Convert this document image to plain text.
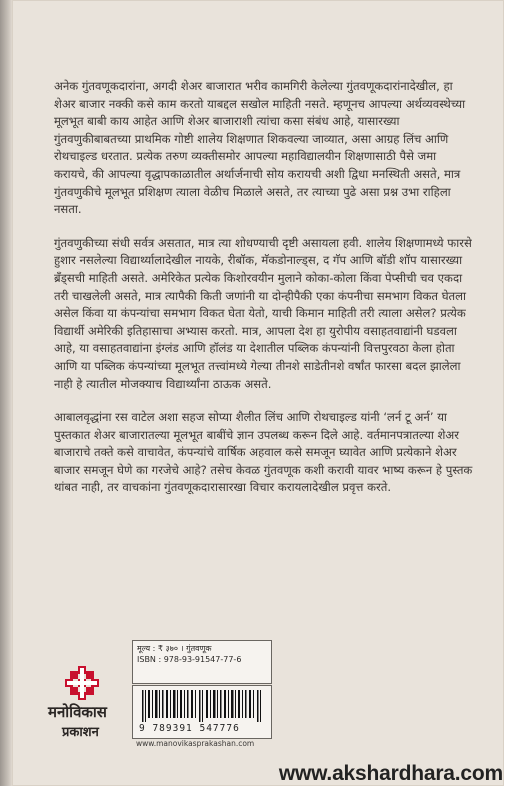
अनेक गुंतवणूकदारांना, अगदी शेअर बाजारात भरीव कामगिरी केलेल्या गुंतवणूकदारांनादेखील, हा शेअर बाजार नक्की कसे काम करतो याबद्दल सखोल माहिती नसते. म्हणूनच आपल्या अर्थव्यवस्थेच्या मूलभूत बाबी काय आहेत आणि शेअर बाजाराशी त्यांचा कसा संबंध आहे, यासारख्या गुंतवणुकीबाबतच्या प्राथमिक गोष्टी शालेय शिक्षणात शिकवल्या जाव्यात, असा आग्रह लिंच आणि रोथचाइल्ड धरतात. प्रत्येक तरुण व्यक्तीसमोर आपल्या महाविद्यालयीन शिक्षणासाठी पैसे जमा करायचे, की आपल्या वृद्धापकाळातील अर्थार्जनाची सोय करायची अशी द्विधा मनस्थिती असते, मात्र गुंतवणुकीचे मूलभूत प्रशिक्षण त्याला वेळीच मिळाले असते, तर त्याच्या पुढे असा प्रश्न उभा राहिला नसता.

गुंतवणुकीच्या संधी सर्वत्र असतात, मात्र त्या शोधण्याची दृष्टी असायला हवी. शालेय शिक्षणामध्ये फारसे हुशार नसलेल्या विद्यार्थ्यालादेखील नायके, रीबॉक, मॅकडोनाल्ड्स, द गॅप आणि बॉडी शॉप यासारख्या ब्रँड्सची माहिती असते. अमेरिकेत प्रत्येक किशोरवयीन मुलाने कोका-कोला किंवा पेप्सीची चव एकदा तरी चाखलेली असते, मात्र त्यापैकी किती जणांनी या दोन्हीपैकी एका कंपनीचा समभाग विकत घेतला असेल किंवा या कंपन्यांचा समभाग विकत घेता येतो, याची किमान माहिती तरी त्याला असेल? प्रत्येक विद्यार्थी अमेरिकी इतिहासाचा अभ्यास करतो. मात्र, आपला देश हा युरोपीय वसाहतवाद्यांनी घडवला आहे, या वसाहतवाद्यांना इंग्लंड आणि हॉलंड या देशातील पब्लिक कंपन्यांनी वित्तपुरवठा केला होता आणि या पब्लिक कंपन्यांच्या मूलभूत तत्त्वांमध्ये गेल्या तीनशे साडेतीनशे वर्षांत फारसा बदल झालेला नाही हे त्यातील मोजक्याच विद्यार्थ्यांना ठाऊक असते.

आबालवृद्धांना रस वाटेल अशा सहज सोप्या शैलीत लिंच आणि रोथचाइल्ड यांनी ‘लर्न टू अर्न’ या पुस्तकात शेअर बाजारातल्या मूलभूत बाबींचे ज्ञान उपलब्ध करून दिले आहे. वर्तमानपत्रातल्या शेअर बाजाराचे तक्ते कसे वाचावेत, कंपन्यांचे वार्षिक अहवाल कसे समजून घ्यावेत आणि प्रत्येकाने शेअर बाजार समजून घेणे का गरजेचे आहे? तसेच केवळ गुंतवणूक कशी करावी यावर भाष्य करून हे पुस्तक थांबत नाही, तर वाचकांना गुंतवणूकदारासारखा विचार करायलादेखील प्रवृत्त करते.

मनोविकास
प्रकाशन
मूल्य : ₹ ३७० । गुंतवणूक
ISBN : 978-93-91547-77-6
9 789391 547776
www.manovikasprakashan.com
www.akshardhara.com
